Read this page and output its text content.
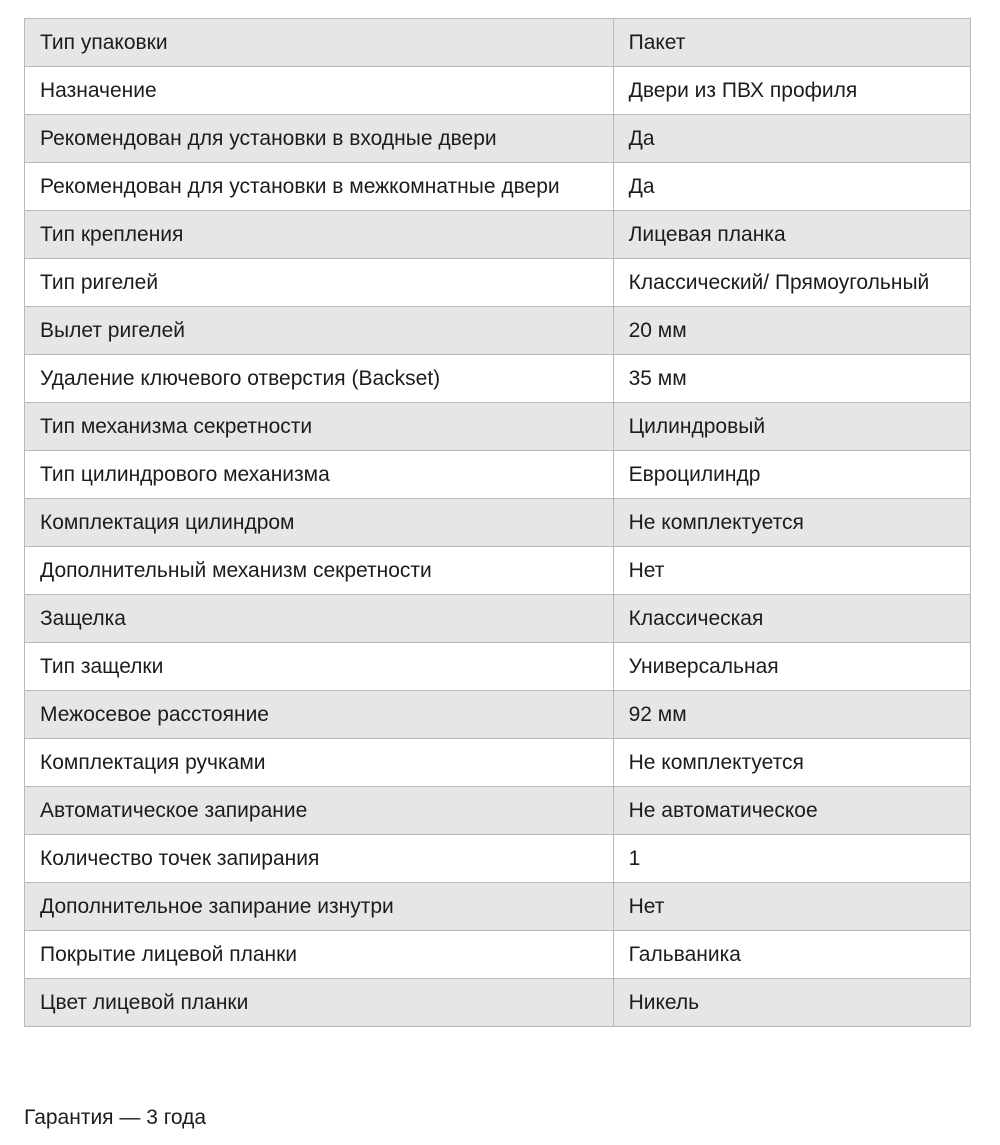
Тип упаковки	Пакет
Назначение	Двери из ПВХ профиля
Рекомендован для установки в входные двери	Да
Рекомендован для установки в межкомнатные двери	Да
Тип крепления	Лицевая планка
Тип ригелей	Классический/ Прямоугольный
Вылет ригелей	20 мм
Удаление ключевого отверстия (Backset)	35 мм
Тип механизма секретности	Цилиндровый
Тип цилиндрового механизма	Евроцилиндр
Комплектация цилиндром	Не комплектуется
Дополнительный механизм секретности	Нет
Защелка	Классическая
Тип защелки	Универсальная
Межосевое расстояние	92 мм
Комплектация ручками	Не комплектуется
Автоматическое запирание	Не автоматическое
Количество точек запирания	1
Дополнительное запирание изнутри	Нет
Покрытие лицевой планки	Гальваника
Цвет лицевой планки	Никель
Гарантия — 3 года
